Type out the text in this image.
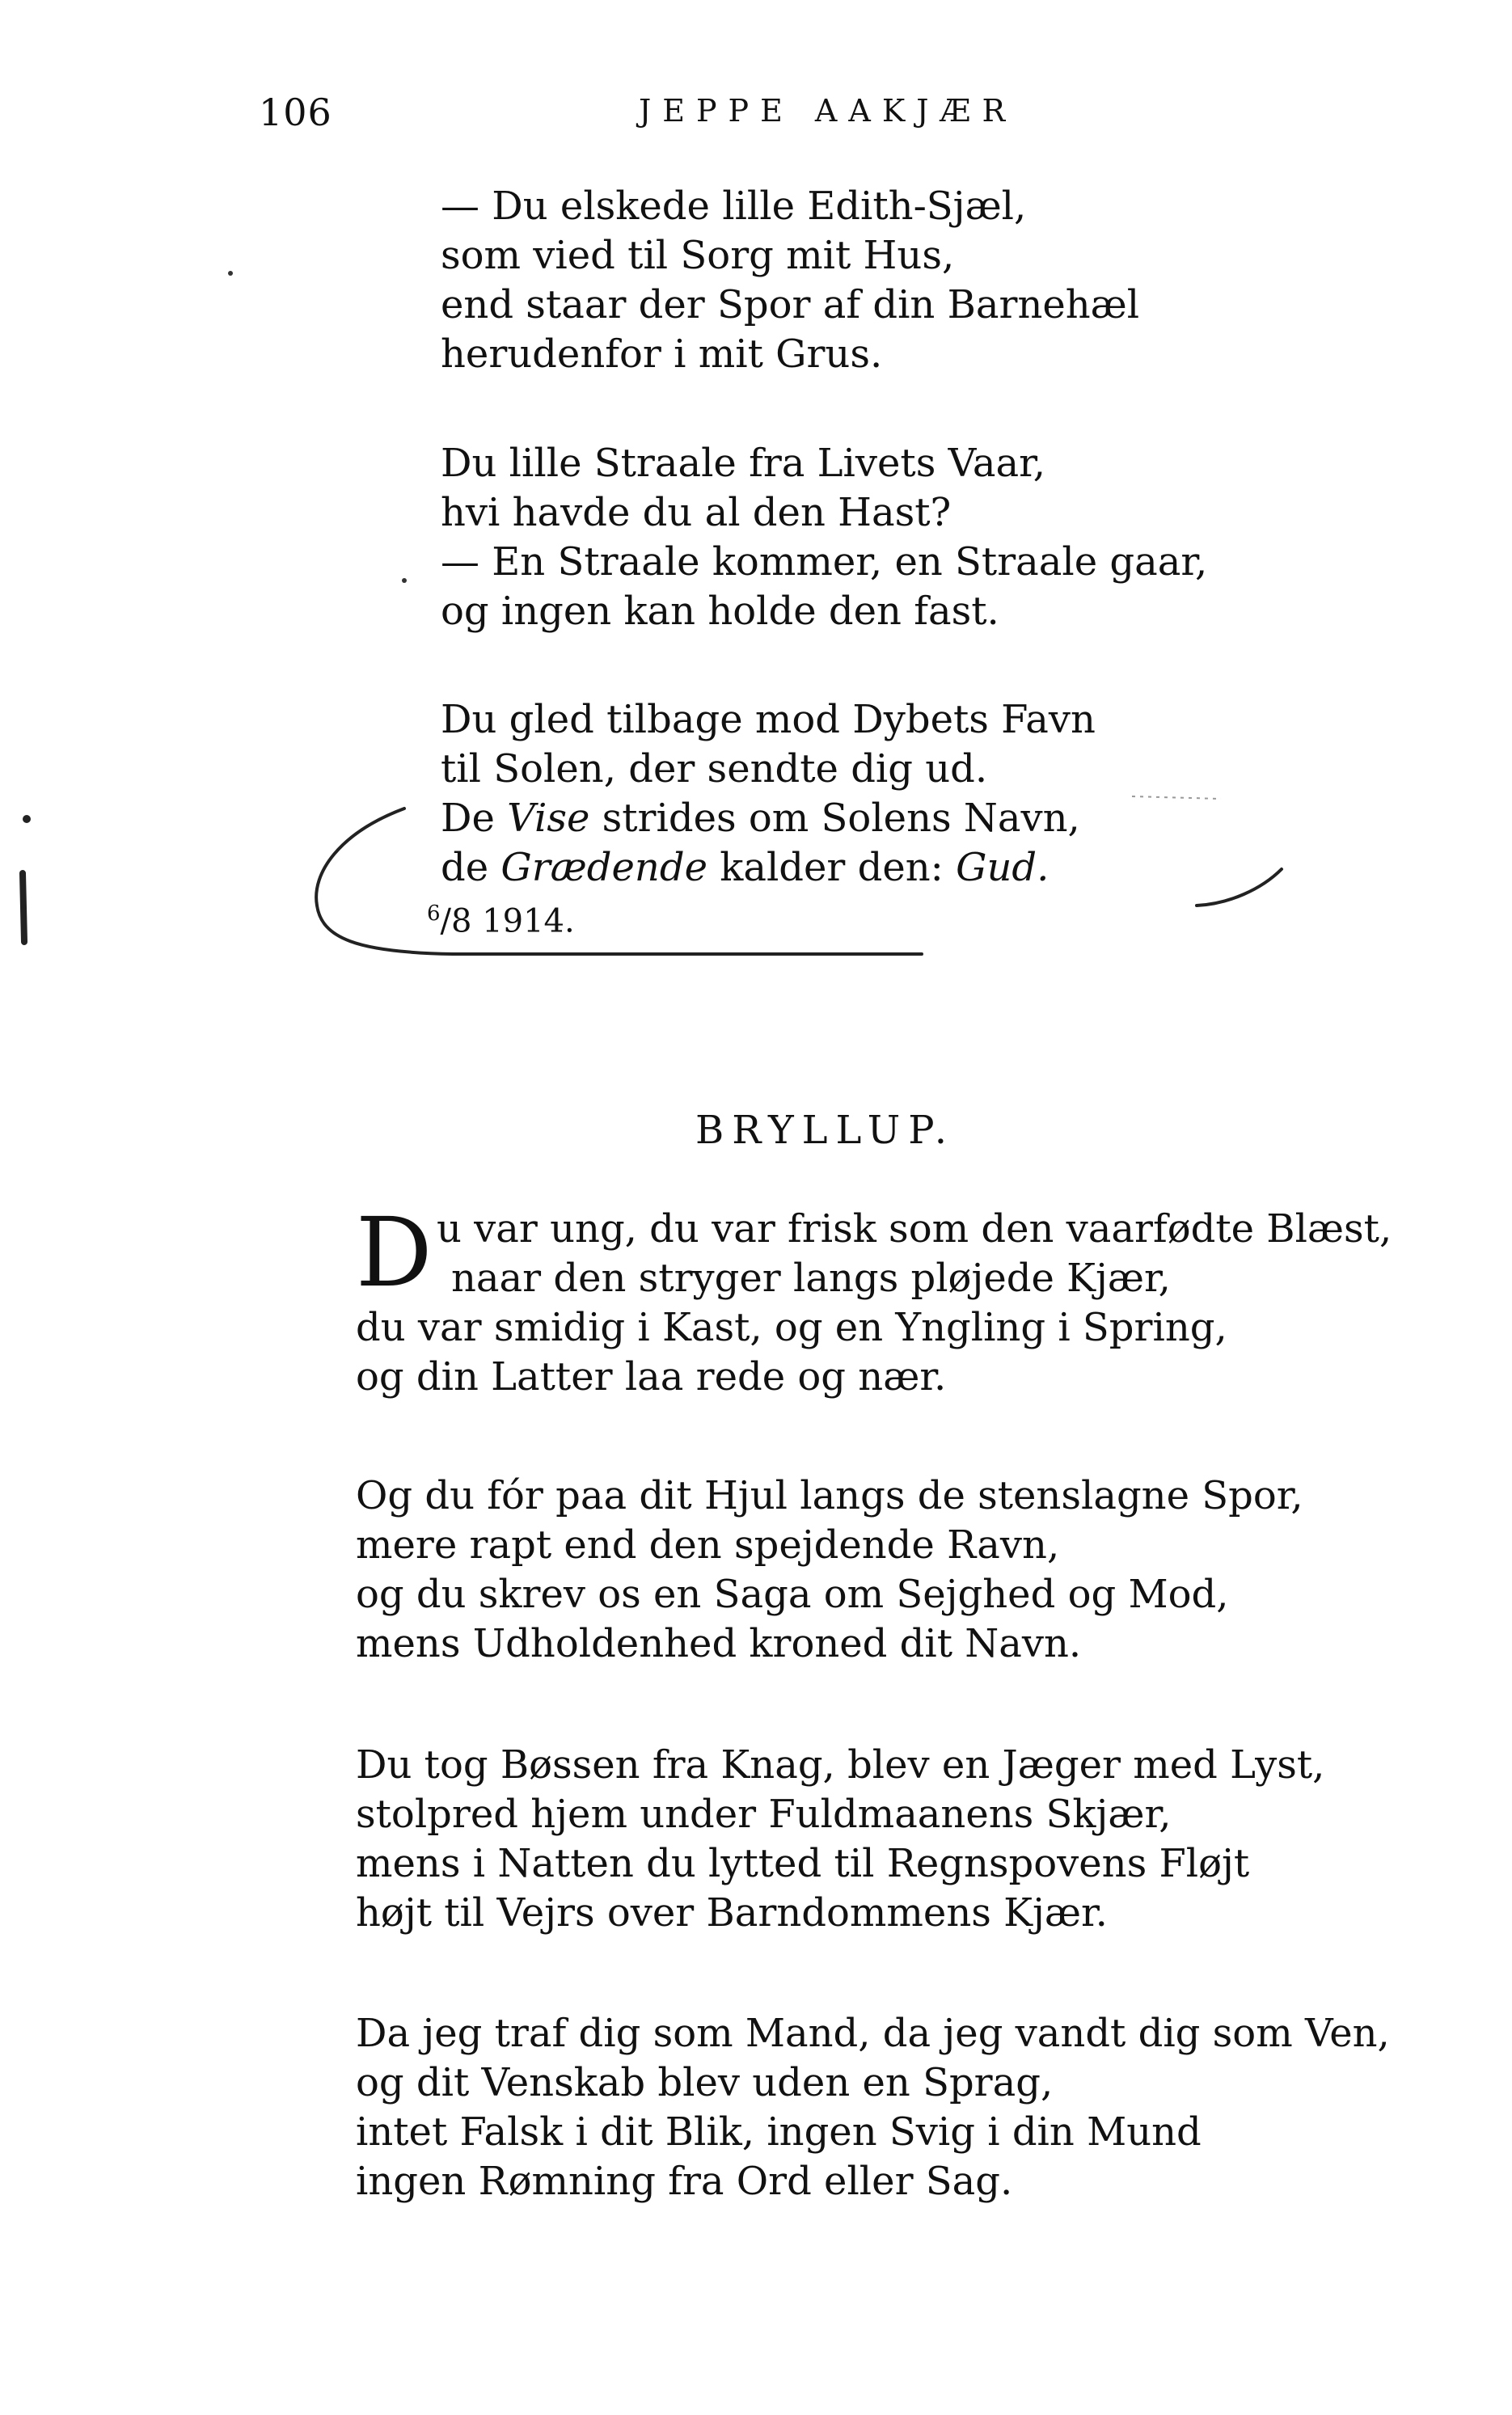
106	JEPPE AAKJÆR
— Du elskede lille Edith-Sjæl,
som vied til Sorg mit Hus,
end staar der Spor af din Barnehæl
herudenfor i mit Grus.
Du lille Straale fra Livets Vaar,
hvi havde du al den Hast?
— En Straale kommer, en Straale gaar,
og ingen kan holde den fast.
Du gled tilbage mod Dybets Favn
til Solen, der sendte dig ud.
De Vise strides om Solens Navn,
de Grædende kalder den: Gud.
$^6$/8 1914.
BRYLLUP.
D u var ung, du var frisk som den vaarfødte Blæst,
naar den stryger langs pløjede Kjær,
du var smidig i Kast, og en Yngling i Spring,
og din Latter laa rede og nær.
Og du fór paa dit Hjul langs de stenslagne Spor,
mere rapt end den spejdende Ravn,
og du skrev os en Saga om Sejghed og Mod,
mens Udholdenhed kroned dit Navn.
Du tog Bøssen fra Knag, blev en Jæger med Lyst,
stolpred hjem under Fuldmaanens Skjær,
mens i Natten du lytted til Regnspovens Fløjt
højt til Vejrs over Barndommens Kjær.
Da jeg traf dig som Mand, da jeg vandt dig som Ven,
og dit Venskab blev uden en Sprag,
intet Falsk i dit Blik, ingen Svig i din Mund
ingen Rømning fra Ord eller Sag.
